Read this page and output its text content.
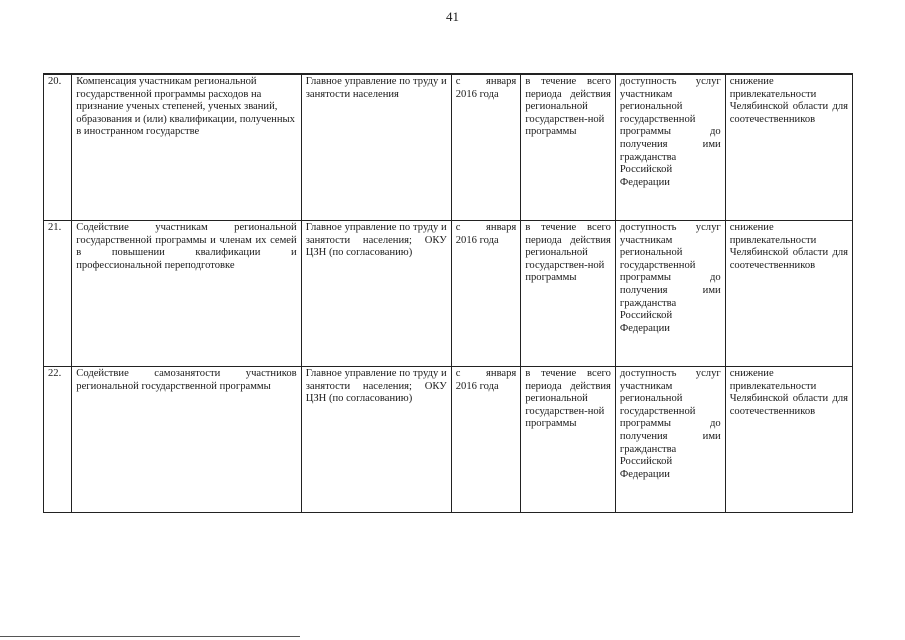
41
20.	Компенсация участникам региональной государственной программы расходов на признание ученых степеней, ученых званий, образования и (или) квалификации, полученных в иностранном государстве	Главное управление по труду и занятости населения	с января 2016 года	в течение всего периода действия региональной государствен-ной программы	доступность услуг участникам региональной государственной программы до получения ими гражданства Российской Федерации	снижение привлекательности Челябинской области для соотечественников
21.	Содействие участникам региональной государственной программы и членам их семей в повышении квалификации и профессиональной переподготовке	Главное управление по труду и занятости населения; ОКУ ЦЗН (по согласованию)	с января 2016 года	в течение всего периода действия региональной государствен-ной программы	доступность услуг участникам региональной государственной программы до получения ими гражданства Российской Федерации	снижение привлекательности Челябинской области для соотечественников
22.	Содействие самозанятости участников региональной государственной программы	Главное управление по труду и занятости населения; ОКУ ЦЗН (по согласованию)	с января 2016 года	в течение всего периода действия региональной государствен-ной программы	доступность услуг участникам региональной государственной программы до получения ими гражданства Российской Федерации	снижение привлекательности Челябинской области для соотечественников
